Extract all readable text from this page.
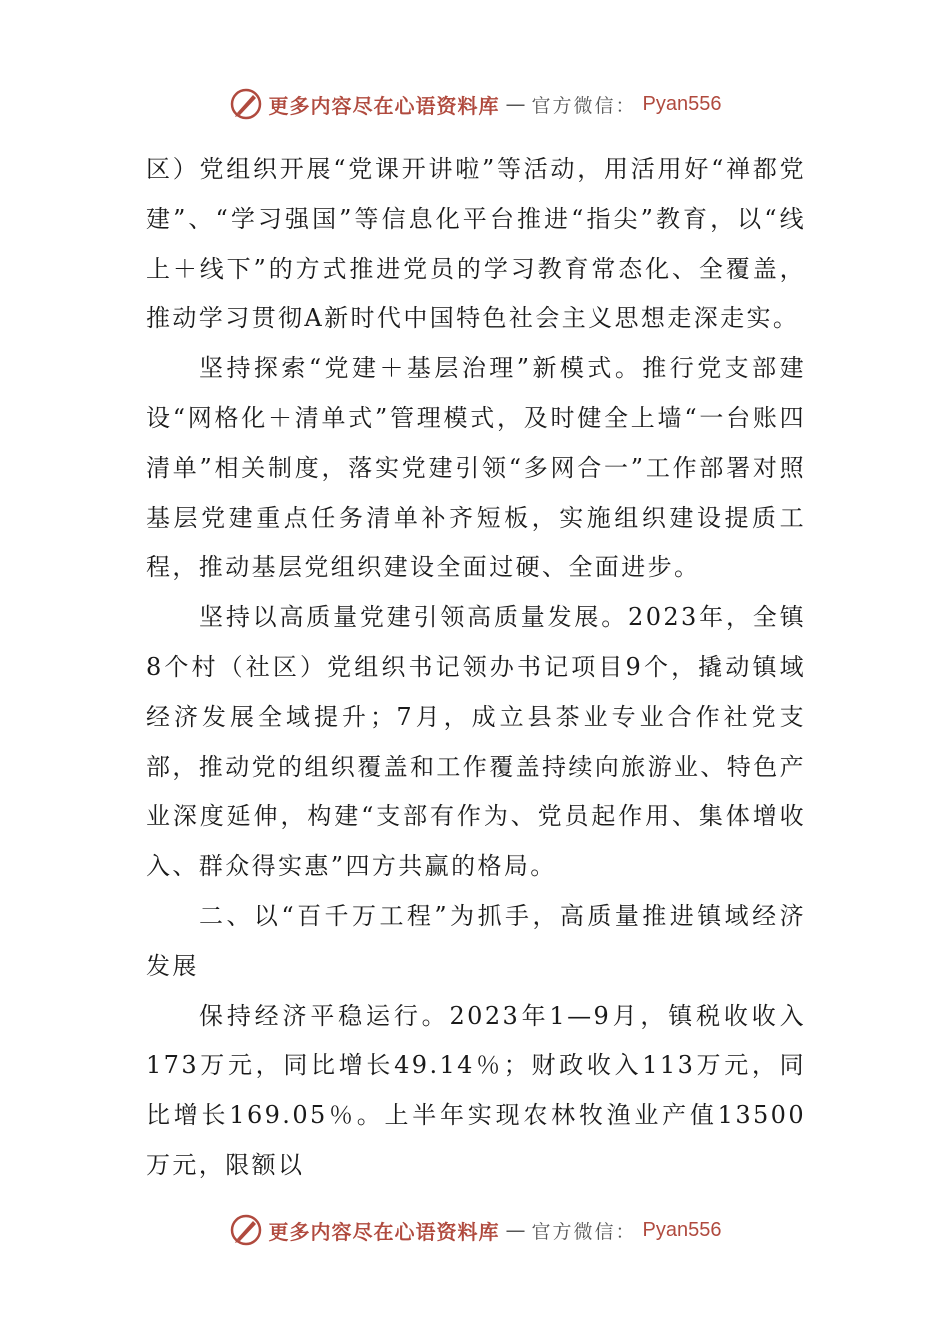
更多内容尽在心语资料库 — 官方微信： Pyan556

区）党组织开展“党课开讲啦”等活动，用活用好“禅都党建”、“学习强国”等信息化平台推进“指尖”教育，以“线上＋线下”的方式推进党员的学习教育常态化、全覆盖，推动学习贯彻A新时代中国特色社会主义思想走深走实。

坚持探索“党建＋基层治理”新模式。推行党支部建设“网格化＋清单式”管理模式，及时健全上墙“一台账四清单”相关制度，落实党建引领“多网合一”工作部署对照基层党建重点任务清单补齐短板，实施组织建设提质工程，推动基层党组织建设全面过硬、全面进步。

坚持以高质量党建引领高质量发展。2023年，全镇8个村（社区）党组织书记领办书记项目9个，撬动镇域经济发展全域提升；7月，成立县茶业专业合作社党支部，推动党的组织覆盖和工作覆盖持续向旅游业、特色产业深度延伸，构建“支部有作为、党员起作用、集体增收入、群众得实惠”四方共赢的格局。

二、以“百千万工程”为抓手，高质量推进镇域经济发展

保持经济平稳运行。2023年1—9月，镇税收收入173万元，同比增长49.14％；财政收入113万元，同比增长169.05％。上半年实现农林牧渔业产值13500万元，限额以

更多内容尽在心语资料库 — 官方微信： Pyan556
